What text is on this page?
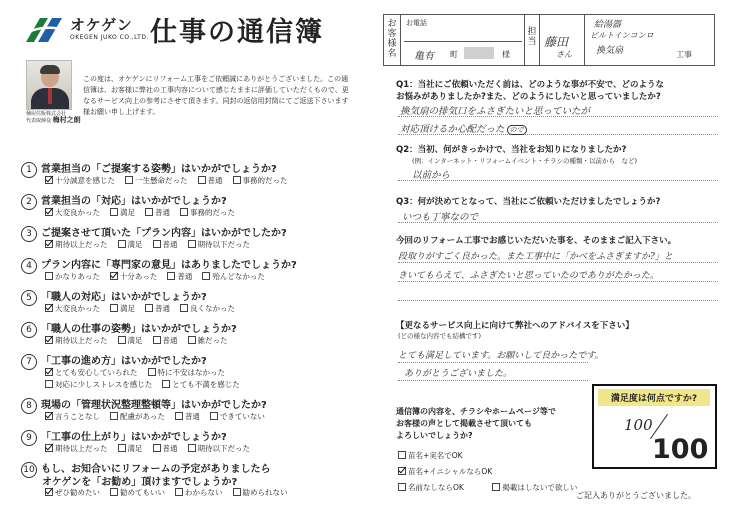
オケゲン
OKEGEN JUKO CO.,LTD. 仕事の通信簿
桶屋住販株式会社
代表取締役 梅村之朗
この度は、オケゲンにリフォーム工事をご依頼誠にありがとうございました。この通信簿は、お客様に弊社の工事内容について感じたままに評価していただくもので、更なるサービス向上の参考にさせて頂きます。同封の返信用封筒にてご返送下さいます様お願い申し上げます。
1 営業担当の「ご提案する姿勢」はいかがでしょうか?
十分誠意を感じた	一生懸命だった	普通	事務的だった
2 営業担当の「対応」はいかがでしょうか?
大変良かった	満足	普通	事務的だった
3 ご提案させて頂いた「プラン内容」はいかがでしたか?
期待以上だった	満足	普通	期待以下だった
4 プラン内容に「専門家の意見」はありましたでしょうか?
かなりあった	十分あった	普通	殆んどなかった
5 「職人の対応」はいかがでしょうか?
大変良かった	満足	普通	良くなかった
6 「職人の仕事の姿勢」はいかがでしょうか?
期待以上だった	満足	普通	雑だった
7 「工事の進め方」はいかがでしたか?
とても安心していられた	特に不安はなかった
対応に少しストレスを感じた	とても不満を感じた
8 現場の「管理状況整理整頓等」はいかがでしたか?
言うことなし	配慮があった	普通	できていない
9 「工事の仕上がり」はいかがでしょうか?
期待以上だった	満足	普通	期待以下だった
10 もし、お知合いにリフォームの予定がありましたら
オケゲンを「お勧め」頂けますでしょうか?
ぜひ勧めたい	勧めてもいい	わからない	勧められない
お客様名
お電話
亀有 町	様
担当 藤田
さん
給湯器
ビルトインコンロ
換気扇	工事
Q1：当社にご依頼いただく前は、どのような事が不安で、どのような
お悩みがありましたか?また、どのようにしたいと思っていましたか?
換気扇の排気口をふさぎたいと思っていたが
対応頂けるか心配だった ので
Q2：当初、何がきっかけで、当社をお知りになりましたか?
(例：インターネット・リフォームイベント・チラシの種類・以前から　など)
以前から
Q3：何が決めてとなって、当社にご依頼いただけましたでしょうか?
いつも丁寧なので
今回のリフォーム工事でお感じいただいた事を、そのままご記入下さい。
段取りがすごく良かった。また工事中に「かべをふさぎますか?」と
きいてもらえて、ふさぎたいと思っていたのでありがたかった。
【更なるサービス向上に向けて弊社へのアドバイスを下さい】
(どの様な内容でも結構です)
とても満足しています。お願いして良かったです。
ありがとうございました。
通信簿の内容を、チラシやホームページ等で
お客様の声として掲載させて頂いても
よろしいでしょうか?
苗名+実名でOK 苗名+イニシャルならOK
名前なしならOK	掲載はしないで欲しい
満足度は何点ですか?
100
100
ご記入ありがとうございました。
